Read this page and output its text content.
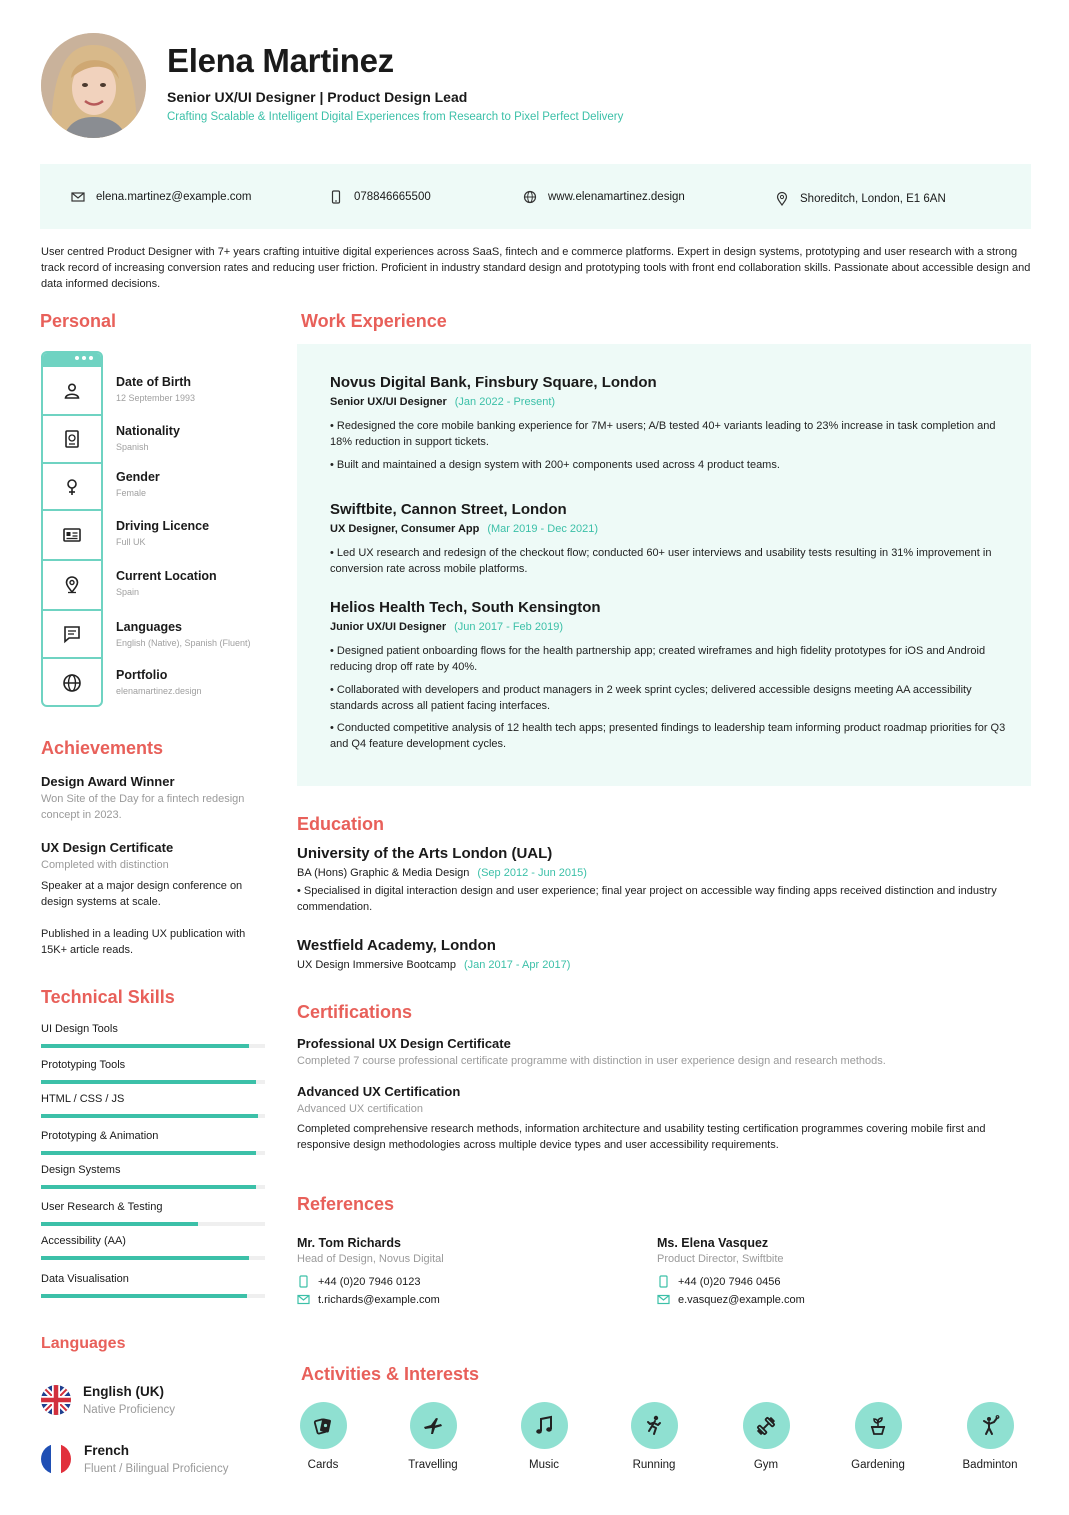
Elena Martinez
Senior UX/UI Designer | Product Design Lead
Crafting Scalable & Intelligent Digital Experiences from Research to Pixel Perfect Delivery
elena.martinez@example.com	078846665500	www.elenamartinez.design	Shoreditch, London, E1 6AN
User centred Product Designer with 7+ years crafting intuitive digital experiences across SaaS, fintech and e commerce platforms. Expert in design systems, prototyping and user research with a strong track record of increasing conversion rates and reducing user friction. Proficient in industry standard design and prototyping tools with front end collaboration skills. Passionate about accessible design and data informed decisions.
Personal
Date of Birth
12 September 1993
Nationality
Spanish
Gender
Female
Driving Licence
Full UK
Current Location
Spain
Languages
English (Native), Spanish (Fluent)
Portfolio
elenamartinez.design
Achievements
Design Award Winner
Won Site of the Day for a fintech redesign concept in 2023.
UX Design Certificate
Completed with distinction
Speaker at a major design conference on design systems at scale.
Published in a leading UX publication with 15K+ article reads.
Technical Skills
UI Design Tools
Prototyping Tools
HTML / CSS / JS
Prototyping & Animation
Design Systems
User Research & Testing
Accessibility (AA)
Data Visualisation
Languages
English (UK)
Native Proficiency
French
Fluent / Bilingual Proficiency
Work Experience
Novus Digital Bank, Finsbury Square, London
Senior UX/UI Designer (Jan 2022 - Present)
• Redesigned the core mobile banking experience for 7M+ users; A/B tested 40+ variants leading to 23% increase in task completion and 18% reduction in support tickets.
• Built and maintained a design system with 200+ components used across 4 product teams.
Swiftbite, Cannon Street, London
UX Designer, Consumer App (Mar 2019 - Dec 2021)
• Led UX research and redesign of the checkout flow; conducted 60+ user interviews and usability tests resulting in 31% improvement in conversion rate across mobile platforms.
Helios Health Tech, South Kensington
Junior UX/UI Designer (Jun 2017 - Feb 2019)
• Designed patient onboarding flows for the health partnership app; created wireframes and high fidelity prototypes for iOS and Android reducing drop off rate by 40%.
• Collaborated with developers and product managers in 2 week sprint cycles; delivered accessible designs meeting AA accessibility standards across all patient facing interfaces.
• Conducted competitive analysis of 12 health tech apps; presented findings to leadership team informing product roadmap priorities for Q3 and Q4 feature development cycles.
Education
University of the Arts London (UAL)
BA (Hons) Graphic & Media Design (Sep 2012 - Jun 2015)
• Specialised in digital interaction design and user experience; final year project on accessible way finding apps received distinction and industry commendation.
Westfield Academy, London
UX Design Immersive Bootcamp (Jan 2017 - Apr 2017)
Certifications
Professional UX Design Certificate
Completed 7 course professional certificate programme with distinction in user experience design and research methods.
Advanced UX Certification
Advanced UX certification
Completed comprehensive research methods, information architecture and usability testing certification programmes covering mobile first and responsive design methodologies across multiple device types and user accessibility requirements.
References
Mr. Tom Richards
Head of Design, Novus Digital
+44 (0)20 7946 0123
t.richards@example.com
Ms. Elena Vasquez
Product Director, Swiftbite
+44 (0)20 7946 0456
e.vasquez@example.com
Activities & Interests
Cards	Travelling	Music	Running	Gym	Gardening	Badminton
